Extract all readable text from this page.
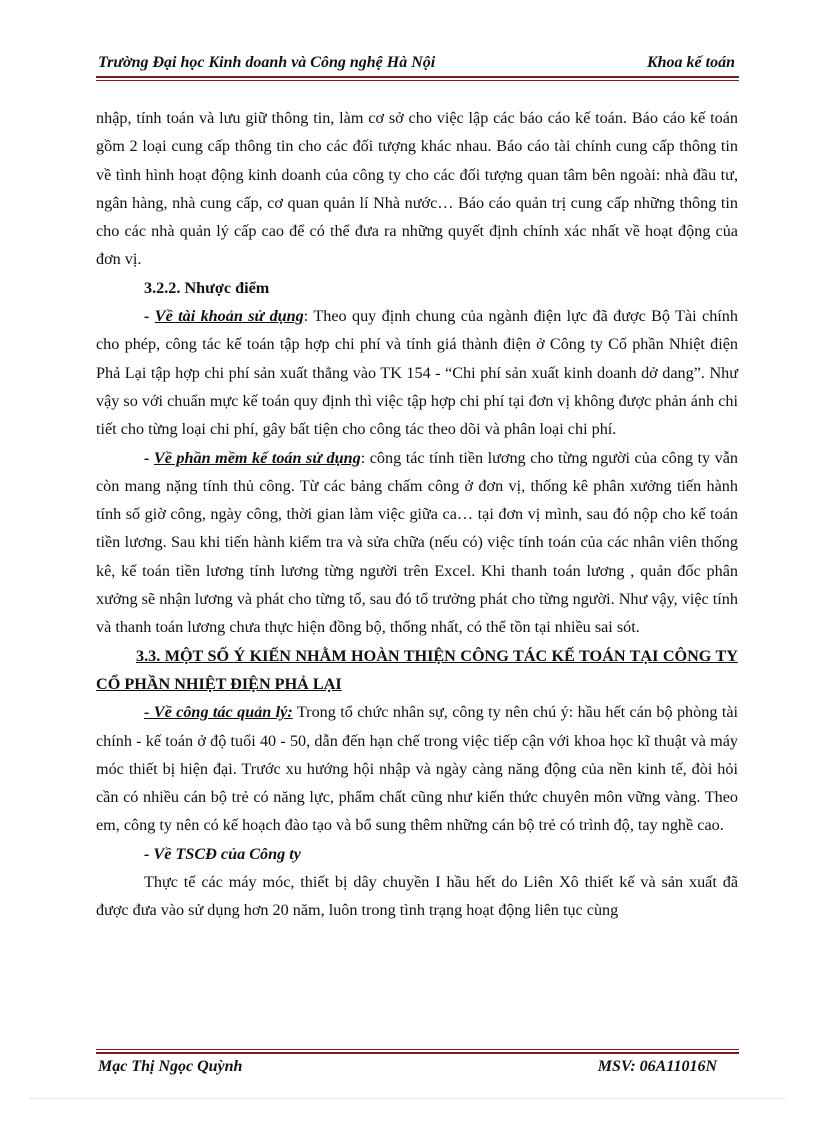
Trường Đại học Kinh doanh và Công nghệ Hà Nội	Khoa kế toán

nhập, tính toán và lưu giữ thông tin, làm cơ sở cho việc lập các báo cáo kế toán. Báo cáo kế toán gồm 2 loại cung cấp thông tin cho các đối tượng khác nhau. Báo cáo tài chính cung cấp thông tin về tình hình hoạt động kinh doanh của công ty cho các đối tượng quan tâm bên ngoài: nhà đầu tư, ngân hàng, nhà cung cấp, cơ quan quản lí Nhà nước… Báo cáo quản trị cung cấp những thông tin cho các nhà quản lý cấp cao để có thể đưa ra những quyết định chính xác nhất về hoạt động của đơn vị.

3.2.2. Nhược điểm

- Về tài khoản sử dụng: Theo quy định chung của ngành điện lực đã được Bộ Tài chính cho phép, công tác kế toán tập hợp chi phí và tính giá thành điện ở Công ty Cổ phần Nhiệt điện Phả Lại tập hợp chi phí sản xuất thẳng vào TK 154 - “Chi phí sản xuất kinh doanh dở dang”. Như vậy so với chuẩn mực kế toán quy định thì việc tập hợp chi phí tại đơn vị không được phản ánh chi tiết cho từng loại chi phí, gây bất tiện cho công tác theo dõi và phân loại chi phí.

- Về phần mềm kế toán sử dụng: công tác tính tiền lương cho từng người của công ty vẫn còn mang nặng tính thủ công. Từ các bảng chấm công ở đơn vị, thống kê phân xưởng tiến hành tính số giờ công, ngày công, thời gian làm việc giữa ca… tại đơn vị mình, sau đó nộp cho kế toán tiền lương. Sau khi tiến hành kiểm tra và sửa chữa (nếu có) việc tính toán của các nhân viên thống kê, kế toán tiền lương tính lương từng người trên Excel. Khi thanh toán lương , quản đốc phân xưởng sẽ nhận lương và phát cho từng tổ, sau đó tổ trưởng phát cho từng người. Như vậy, việc tính và thanh toán lương chưa thực hiện đồng bộ, thống nhất, có thể tồn tại nhiều sai sót.

3.3. MỘT SỐ Ý KIẾN NHẰM HOÀN THIỆN CÔNG TÁC KẾ TOÁN TẠI CÔNG TY CỔ PHẦN NHIỆT ĐIỆN PHẢ LẠI

- Về công tác quản lý: Trong tổ chức nhân sự, công ty nên chú ý: hầu hết cán bộ phòng tài chính - kế toán ở độ tuổi 40 - 50, dẫn đến hạn chế trong việc tiếp cận với khoa học kĩ thuật và máy móc thiết bị hiện đại. Trước xu hướng hội nhập và ngày càng năng động của nền kinh tế, đòi hỏi cần có nhiều cán bộ trẻ có năng lực, phẩm chất cũng như kiến thức chuyên môn vững vàng. Theo em, công ty nên có kế hoạch đào tạo và bổ sung thêm những cán bộ trẻ có trình độ, tay nghề cao.

- Về TSCĐ của Công ty

Thực tế các máy móc, thiết bị dây chuyền I hầu hết do Liên Xô thiết kế và sản xuất đã được đưa vào sử dụng hơn 20 năm, luôn trong tình trạng hoạt động liên tục cùng

Mạc Thị Ngọc Quỳnh	MSV: 06A11016N
